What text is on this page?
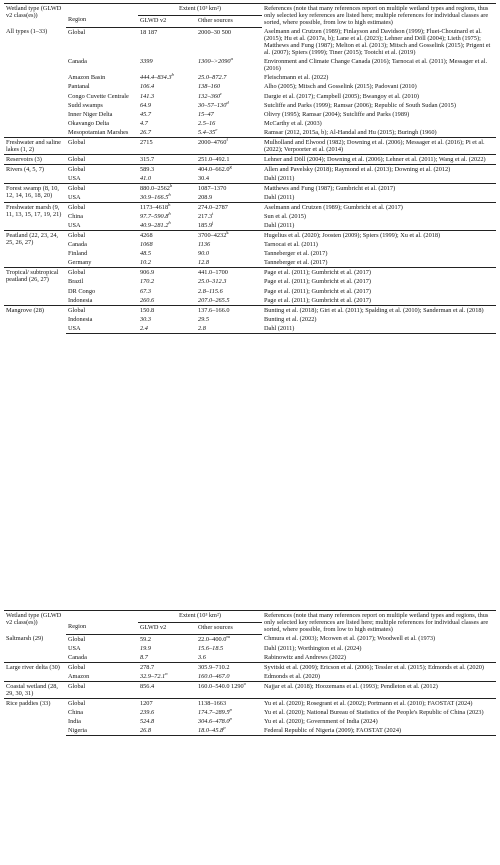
Wetland type (GLWD v2 class(es))		Extent (10³ km²)		References (note that many references report on multiple wetland types and regions, thus only selected key references are listed here; multiple references for individual classes are sorted, where possible, from low to high estimates)
	Region	GLWD v2	Other sources	
All types (1–33)	Global	18 187	2000–30 500	Aselmann and Crutzen (1989); Finlayson and Davidson (1999); Fluet-Chouinard et al. (2015); Hu et al. (2017a, b); Lane et al. (2023); Lehner and Döll (2004); Lieth (1975); Matthews and Fung (1987); Melton et al. (2013); Mitsch and Gosselink (2015); Prigent et al. (2007); Spiers (1999); Tiner (2015); Tootchi et al. (2019)
	Canada	3399	$1300->2090^a$	Environment and Climate Change Canada (2016); Tarnocai et al. (2011); Messager et al. (2016)
	Amazon Basin	444.4–834.3$^b$	25.0–872.7	Fleischmann et al. (2022)
	Pantanal	106.4	138–160	Alho (2005); Mitsch and Gosselink (2015); Padovani (2010)
	Congo Cuvette Centrale	141.3	132–360$^c$	Dargie et al. (2017); Campbell (2005); Bwangoy et al. (2010)
	Sudd swamps	64.9	30–57–130$^d$	Sutcliffe and Parks (1999); Ramsar (2006); Republic of South Sudan (2015)
	Inner Niger Delta	45.7	15–47	Olivry (1995); Ramsar (2004); Sutcliffe and Parks (1989)
	Okavango Delta	4.7	2.5–16	McCarthy et al. (2003)
	Mesopotamian Marshes	26.7	5.4–35e	Ramsar (2012, 2015a, b); Al-Handal and Hu (2015); Buringh (1960)
Freshwater and saline lakes (1, 2)	Global	2715	2000–4760$^f$	Mulholland and Elwood (1982); Downing et al. (2006); Messager et al. (2016); Pi et al. (2022); Verpoorter et al. (2014)
Reservoirs (3)	Global	315.7	251.0–492.1	Lehner and Döll (2004); Downing et al. (2006); Lehner et al. (2011); Wang et al. (2022)
Rivers (4, 5, 7)	Global	589.3	404.0–662.0$^g$	Allen and Pavelsky (2018); Raymond et al. (2013); Downing et al. (2012)
	USA	41.0	30.4	Dahl (2011)
Forest swamp (8, 10, 12, 14, 16, 18, 20)	Global	880.0–2562$^h$	1087–1370	Matthews and Fung (1987); Gumbricht et al. (2017)
	USA	30.9–166.5$^h$	208.9	Dahl (2011)
Freshwater marsh (9, 11, 13, 15, 17, 19, 21)	Global	1173–4618$^h$	274.0–2787	Aselmann and Crutzen (1989); Gumbricht et al. (2017)
	China	97.7–590.8$^h$	217.3$^i$	Sun et al. (2015)
	USA	40.9–281.2$^h$	185.9$^j$	Dahl (2011)
Peatland (22, 23, 24, 25, 26, 27)	Global	4268	3700–4232$^k$	Hugelius et al. (2020); Joosten (2009); Spiers (1999); Xu et al. (2018)
	Canada	1068	1136	Tarnocai et al. (2011)
	Finland	48.5	90.0	Tanneberger et al. (2017)
	Germany	10.2	12.8	Tanneberger et al. (2017)
Tropical/ subtropical peatland (26, 27)	Global	906.9	441.0–1700	Page et al. (2011); Gumbricht et al. (2017)
	Brazil	170.2	25.0–312.3	Page et al. (2011); Gumbricht et al. (2017)
	DR Congo	67.3	2.8–115.6	Page et al. (2011); Gumbricht et al. (2017)
	Indonesia	260.6	207.0–265.5	Page et al. (2011); Gumbricht et al. (2017)
Mangrove (28)	Global	150.8	137.6–166.0	Bunting et al. (2018); Giri et al. (2011); Spalding et al. (2010); Sanderman et al. (2018)
	Indonesia	30.3	29.5	Bunting et al. (2022)
	USA	2.4	2.8	Dahl (2011)
Wetland type (GLWD v2 class(es))		Extent (10³ km²)		References (note that many references report on multiple wetland types and regions, thus only selected key references are listed here; multiple references for individual classes are sorted, where possible, from low to high estimates)
	Region	GLWD v2	Other sources	
Saltmarsh (29)	Global	59.2	22.0–400.0$^m$	Chmura et al. (2003); Mcowen et al. (2017); Woodwell et al. (1973)
	USA	19.9	15.6–18.5	Dahl (2011); Worthington et al. (2024)
	Canada	8.7	3.6	Rabinowitz and Andrews (2022)
Large river delta (30)	Global	278.7	305.9–710.2	Syvitski et al. (2009); Ericson et al. (2006); Tessler et al. (2015); Edmonds et al. (2020)
	Amazon	32.9–72.1$^n$	160.0–467.0	Edmonds et al. (2020)
Coastal wetland (28, 29, 30, 31)	Global	856.4	160.0–540.0 1290$^o$	Najjar et al. (2018); Hoozemans et al. (1993); Pendleton et al. (2012)
Rice paddies (33)	Global	1207	1138–1663	Yu et al. (2020); Rosegrant et al. (2002); Portmann et al. (2010); FAOSTAT (2024)
	China	239.6	174.7–289.5$^p$	Yu et al. (2020); National Bureau of Statistics of the People's Republic of China (2023)
	India	524.8	304.6–478.0$^p$	Yu et al. (2020); Government of India (2024)
	Nigeria	26.8	18.0–45.8$^p$	Federal Republic of Nigeria (2009); FAOSTAT (2024)
